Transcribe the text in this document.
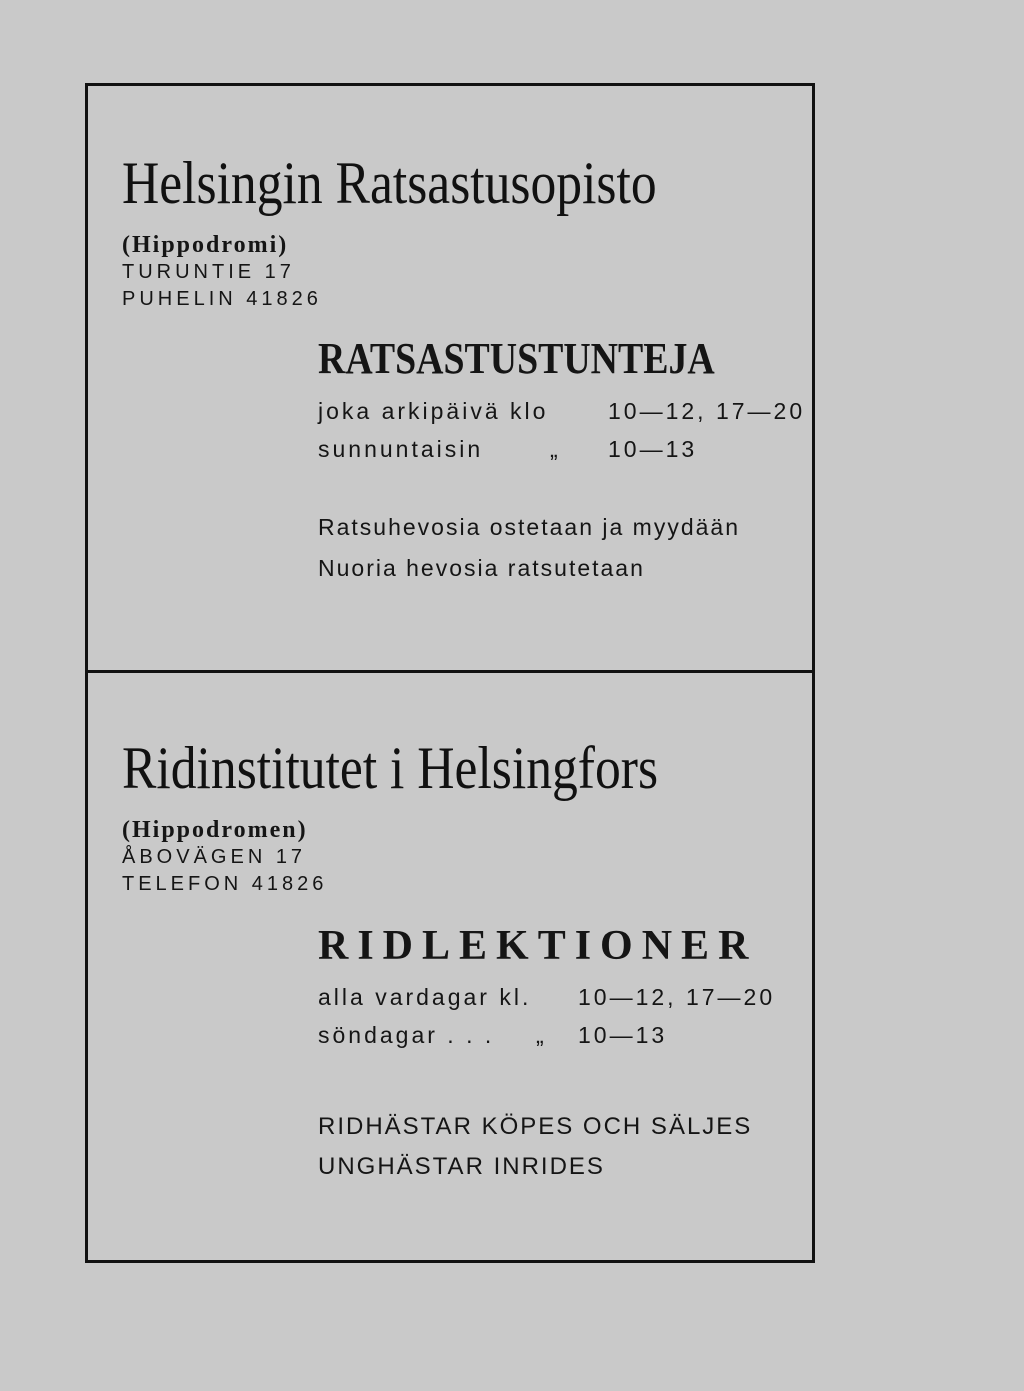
Helsingin Ratsastusopisto
(Hippodromi)
TURUNTIE 17
PUHELIN 41826
RATSASTUSTUNTEJA
joka arkipäivä klo	10—12, 17—20
sunnuntaisin	„ 10—13
Ratsuhevosia ostetaan ja myydään
Nuoria hevosia ratsutetaan
Ridinstitutet i Helsingfors
(Hippodromen)
ÅBOVÄGEN 17
TELEFON 41826
RIDLEKTIONER
alla vardagar kl. 10—12, 17—20
söndagar . . . „ 10—13
RIDHÄSTAR KÖPES OCH SÄLJES
UNGHÄSTAR INRIDES
